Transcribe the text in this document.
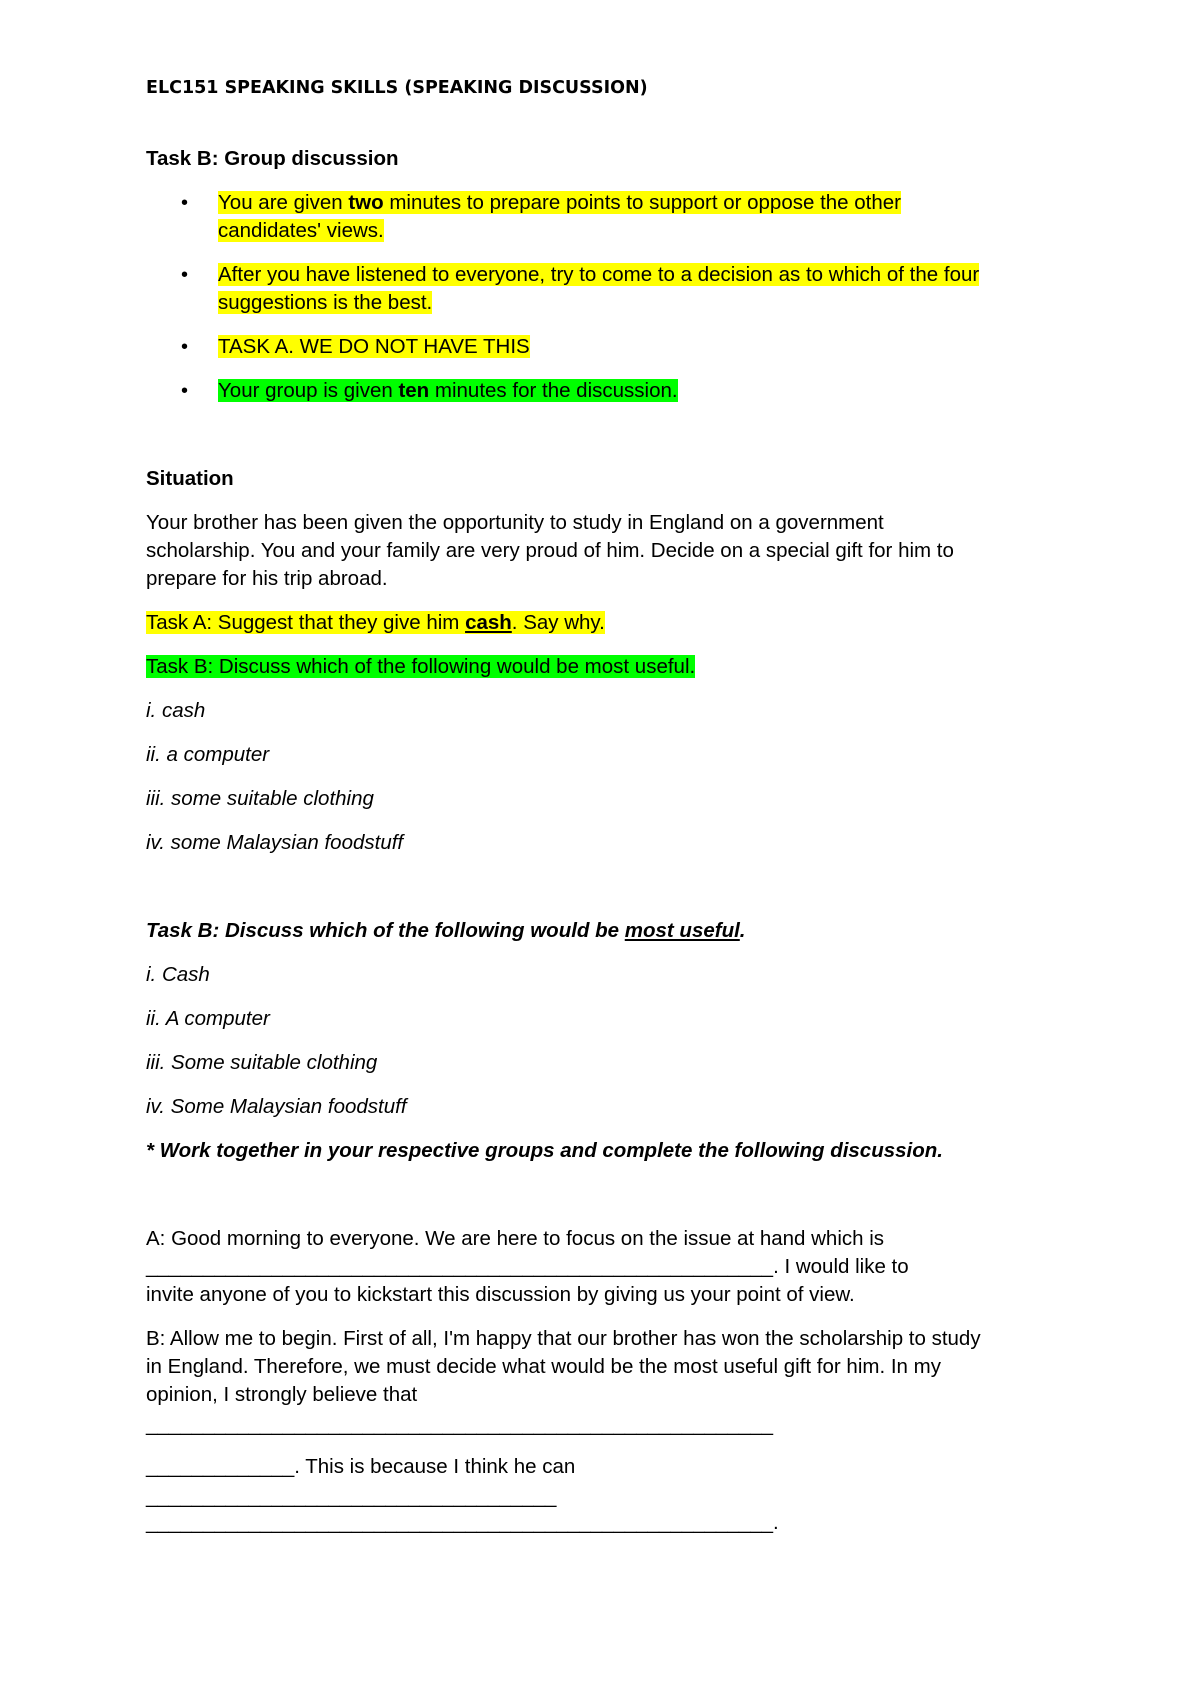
ELC151 SPEAKING SKILLS (SPEAKING DISCUSSION)
Task B: Group discussion
• You are given two minutes to prepare points to support or oppose the other
candidates' views.
• After you have listened to everyone, try to come to a decision as to which of the four
suggestions is the best.
• TASK A. WE DO NOT HAVE THIS
• Your group is given ten minutes for the discussion.
Situation
Your brother has been given the opportunity to study in England on a government
scholarship. You and your family are very proud of him. Decide on a special gift for him to
prepare for his trip abroad.
Task A: Suggest that they give him cash. Say why.
Task B: Discuss which of the following would be most useful.
i. cash
ii. a computer
iii. some suitable clothing
iv. some Malaysian foodstuff
Task B: Discuss which of the following would be most useful.
i. Cash
ii. A computer
iii. Some suitable clothing
iv. Some Malaysian foodstuff
* Work together in your respective groups and complete the following discussion.
A: Good morning to everyone. We are here to focus on the issue at hand which is
_______________________________________________________. I would like to
invite anyone of you to kickstart this discussion by giving us your point of view.
B: Allow me to begin. First of all, I'm happy that our brother has won the scholarship to study
in England. Therefore, we must decide what would be the most useful gift for him. In my
opinion, I strongly believe that
_______________________________________________________
_____________. This is because I think he can
____________________________________
_______________________________________________________.
